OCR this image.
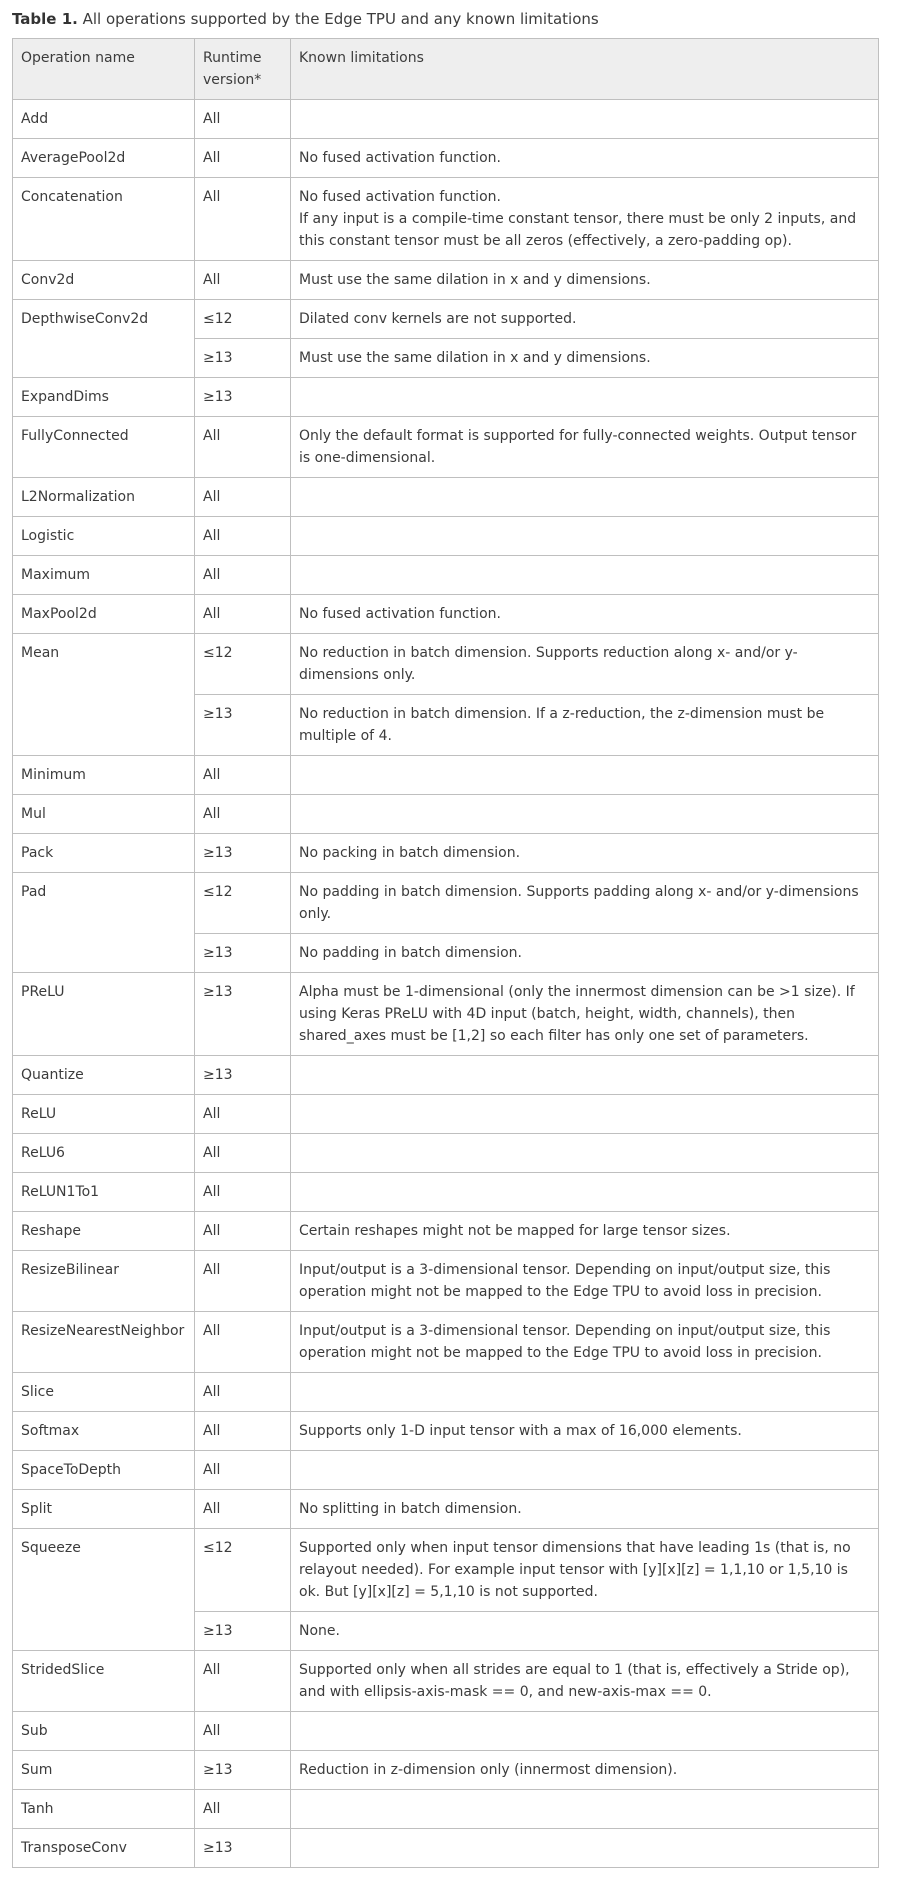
Table 1. All operations supported by the Edge TPU and any known limitations
Operation name	Runtime version*	Known limitations
Add	All	
AveragePool2d	All	No fused activation function.
Concatenation	All	No fused activation function.
If any input is a compile-time constant tensor, there must be only 2 inputs, and this constant tensor must be all zeros (effectively, a zero-padding op).
Conv2d	All	Must use the same dilation in x and y dimensions.
DepthwiseConv2d	≤12	Dilated conv kernels are not supported.
	≥13	Must use the same dilation in x and y dimensions.
ExpandDims	≥13	
FullyConnected	All	Only the default format is supported for fully-connected weights. Output tensor is one-dimensional.
L2Normalization	All	
Logistic	All	
Maximum	All	
MaxPool2d	All	No fused activation function.
Mean	≤12	No reduction in batch dimension. Supports reduction along x- and/or y-dimensions only.
	≥13	No reduction in batch dimension. If a z-reduction, the z-dimension must be multiple of 4.
Minimum	All	
Mul	All	
Pack	≥13	No packing in batch dimension.
Pad	≤12	No padding in batch dimension. Supports padding along x- and/or y-dimensions only.
	≥13	No padding in batch dimension.
PReLU	≥13	Alpha must be 1-dimensional (only the innermost dimension can be >1 size). If using Keras PReLU with 4D input (batch, height, width, channels), then shared_axes must be [1,2] so each filter has only one set of parameters.
Quantize	≥13	
ReLU	All	
ReLU6	All	
ReLUN1To1	All	
Reshape	All	Certain reshapes might not be mapped for large tensor sizes.
ResizeBilinear	All	Input/output is a 3-dimensional tensor. Depending on input/output size, this operation might not be mapped to the Edge TPU to avoid loss in precision.
ResizeNearestNeighbor	All	Input/output is a 3-dimensional tensor. Depending on input/output size, this operation might not be mapped to the Edge TPU to avoid loss in precision.
Slice	All	
Softmax	All	Supports only 1-D input tensor with a max of 16,000 elements.
SpaceToDepth	All	
Split	All	No splitting in batch dimension.
Squeeze	≤12	Supported only when input tensor dimensions that have leading 1s (that is, no relayout needed). For example input tensor with [y][x][z] = 1,1,10 or 1,5,10 is ok. But [y][x][z] = 5,1,10 is not supported.
	≥13	None.
StridedSlice	All	Supported only when all strides are equal to 1 (that is, effectively a Stride op), and with ellipsis-axis-mask == 0, and new-axis-max == 0.
Sub	All	
Sum	≥13	Reduction in z-dimension only (innermost dimension).
Tanh	All	
TransposeConv	≥13	
